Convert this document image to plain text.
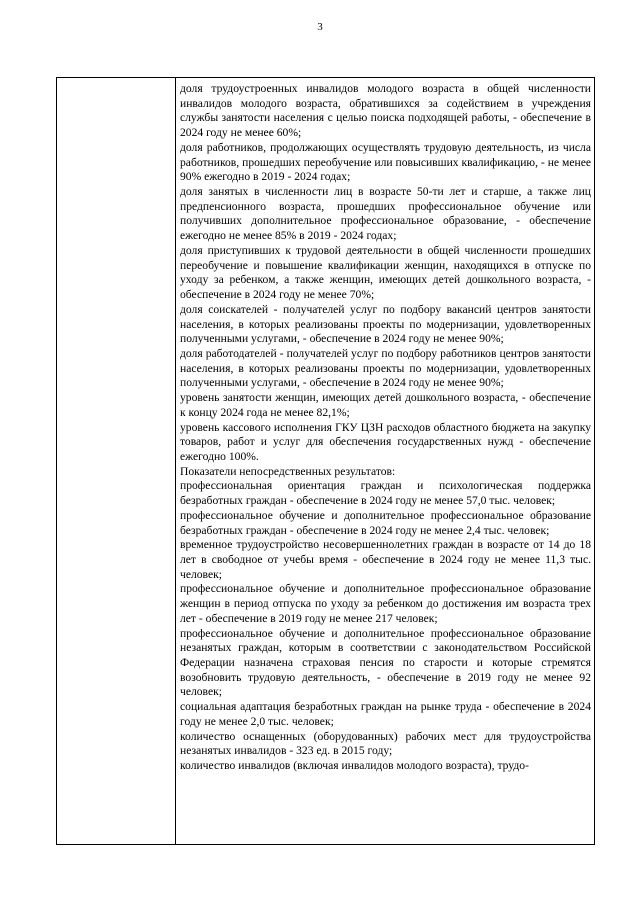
3

доля трудоустроенных инвалидов молодого возраста в общей численности инвалидов молодого возраста, обратившихся за содействием в учреждения службы занятости населения с целью поиска подходящей работы, - обеспечение в 2024 году не менее 60%;

доля работников, продолжающих осуществлять трудовую деятельность, из числа работников, прошедших переобучение или повысивших квалификацию, - не менее 90% ежегодно в 2019 - 2024 годах;

доля занятых в численности лиц в возрасте 50-ти лет и старше, а также лиц предпенсионного возраста, прошедших профессиональное обучение или получивших дополнительное профессиональное образование, - обеспечение ежегодно не менее 85% в 2019 - 2024 годах;

доля приступивших к трудовой деятельности в общей численности прошедших переобучение и повышение квалификации женщин, находящихся в отпуске по уходу за ребенком, а также женщин, имеющих детей дошкольного возраста, - обеспечение в 2024 году не менее 70%;

доля соискателей - получателей услуг по подбору вакансий центров занятости населения, в которых реализованы проекты по модернизации, удовлетворенных полученными услугами, - обеспечение в 2024 году не менее 90%;

доля работодателей - получателей услуг по подбору работников центров занятости населения, в которых реализованы проекты по модернизации, удовлетворенных полученными услугами, - обеспечение в 2024 году не менее 90%;

уровень занятости женщин, имеющих детей дошкольного возраста, - обеспечение к концу 2024 года не менее 82,1%;

уровень кассового исполнения ГКУ ЦЗН расходов областного бюджета на закупку товаров, работ и услуг для обеспечения государственных нужд - обеспечение ежегодно 100%.

Показатели непосредственных результатов:

профессиональная ориентация граждан и психологическая поддержка безработных граждан - обеспечение в 2024 году не менее 57,0 тыс. человек;

профессиональное обучение и дополнительное профессиональное образование безработных граждан - обеспечение в 2024 году не менее 2,4 тыс. человек;

временное трудоустройство несовершеннолетних граждан в возрасте от 14 до 18 лет в свободное от учебы время - обеспечение в 2024 году не менее 11,3 тыс. человек;

профессиональное обучение и дополнительное профессиональное образование женщин в период отпуска по уходу за ребенком до достижения им возраста трех лет - обеспечение в 2019 году не менее 217 человек;

профессиональное обучение и дополнительное профессиональное образование незанятых граждан, которым в соответствии с законодательством Российской Федерации назначена страховая пенсия по старости и которые стремятся возобновить трудовую деятельность, - обеспечение в 2019 году не менее 92 человек;

социальная адаптация безработных граждан на рынке труда - обеспечение в 2024 году не менее 2,0 тыс. человек;

количество оснащенных (оборудованных) рабочих мест для трудоустройства незанятых инвалидов - 323 ед. в 2015 году;

количество инвалидов (включая инвалидов молодого возраста), трудо-
